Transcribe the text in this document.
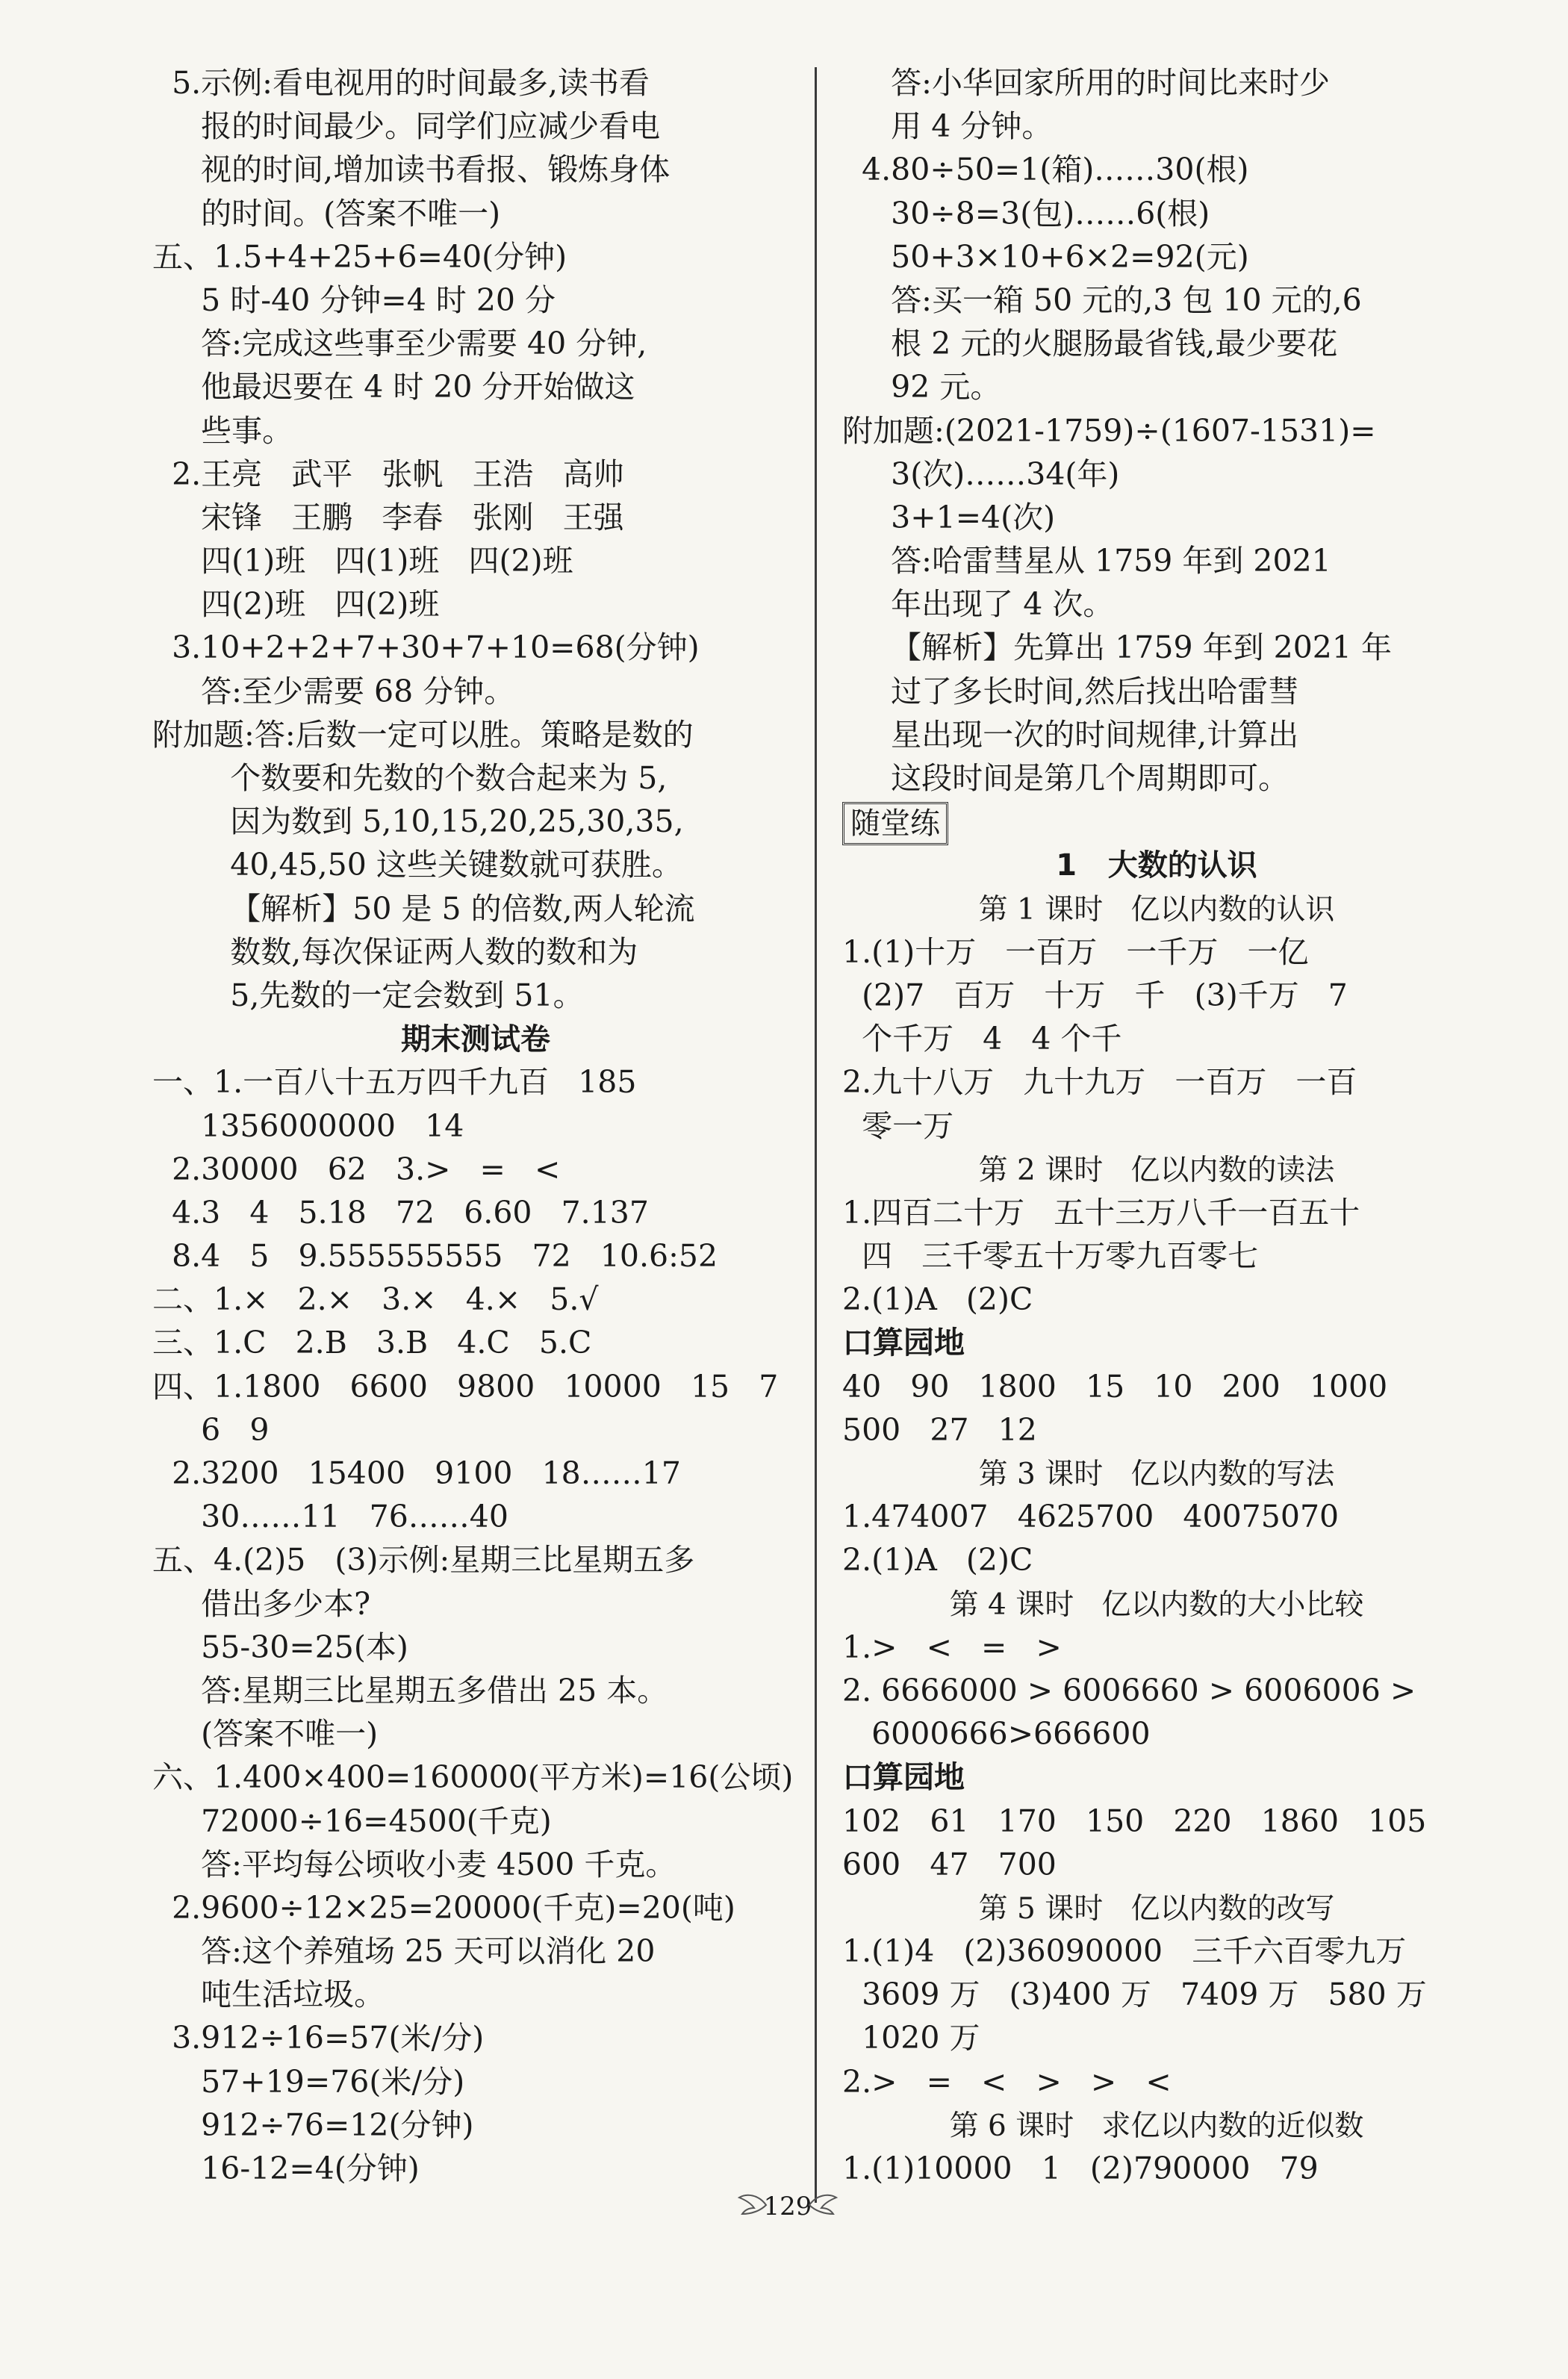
5.示例:看电视用的时间最多,读书看
报的时间最少。同学们应减少看电
视的时间,增加读书看报、锻炼身体
的时间。(答案不唯一)
五、1.5+4+25+6=40(分钟)
5 时-40 分钟=4 时 20 分
答:完成这些事至少需要 40 分钟,
他最迟要在 4 时 20 分开始做这
些事。
2.王亮   武平   张帆   王浩   高帅
宋锋   王鹏   李春   张刚   王强
四(1)班   四(1)班   四(2)班
四(2)班   四(2)班
3.10+2+2+7+30+7+10=68(分钟)
答:至少需要 68 分钟。
附加题:答:后数一定可以胜。策略是数的
个数要和先数的个数合起来为 5,
因为数到 5,10,15,20,25,30,35,
40,45,50 这些关键数就可获胜。
【解析】50 是 5 的倍数,两人轮流
数数,每次保证两人数的数和为
5,先数的一定会数到 51。
期末测试卷
一、1.一百八十五万四千九百   185
1356000000   14
2.30000   62   3.>   =   <
4.3   4   5.18   72   6.60   7.137
8.4   5   9.555555555   72   10.6:52
二、1.×   2.×   3.×   4.×   5.√
三、1.C   2.B   3.B   4.C   5.C
四、1.1800   6600   9800   10000   15   7
6   9
2.3200   15400   9100   18……17
30……11   76……40
五、4.(2)5   (3)示例:星期三比星期五多
借出多少本?
55-30=25(本)
答:星期三比星期五多借出 25 本。
(答案不唯一)
六、1.400×400=160000(平方米)=16(公顷)
72000÷16=4500(千克)
答:平均每公顷收小麦 4500 千克。
2.9600÷12×25=20000(千克)=20(吨)
答:这个养殖场 25 天可以消化 20
吨生活垃圾。
3.912÷16=57(米/分)
57+19=76(米/分)
912÷76=12(分钟)
16-12=4(分钟)
答:小华回家所用的时间比来时少
用 4 分钟。
4.80÷50=1(箱)……30(根)
30÷8=3(包)……6(根)
50+3×10+6×2=92(元)
答:买一箱 50 元的,3 包 10 元的,6
根 2 元的火腿肠最省钱,最少要花
92 元。
附加题:(2021-1759)÷(1607-1531)=
3(次)……34(年)
3+1=4(次)
答:哈雷彗星从 1759 年到 2021
年出现了 4 次。
【解析】先算出 1759 年到 2021 年
过了多长时间,然后找出哈雷彗
星出现一次的时间规律,计算出
这段时间是第几个周期即可。
随堂练
1   大数的认识
第 1 课时   亿以内数的认识
1.(1)十万   一百万   一千万   一亿
(2)7   百万   十万   千   (3)千万   7
个千万   4   4 个千
2.九十八万   九十九万   一百万   一百
零一万
第 2 课时   亿以内数的读法
1.四百二十万   五十三万八千一百五十
四   三千零五十万零九百零七
2.(1)A   (2)C
口算园地
40   90   1800   15   10   200   1000
500   27   12
第 3 课时   亿以内数的写法
1.474007   4625700   40075070
2.(1)A   (2)C
第 4 课时   亿以内数的大小比较
1.>   <   =   >
2. 6666000 > 6006660 > 6006006 >
6000666>666600
口算园地
102   61   170   150   220   1860   105
600   47   700
第 5 课时   亿以内数的改写
1.(1)4   (2)36090000   三千六百零九万
3609 万   (3)400 万   7409 万   580 万
1020 万
2.>   =   <   >   >   <
第 6 课时   求亿以内数的近似数
1.(1)10000   1   (2)790000   79
129
